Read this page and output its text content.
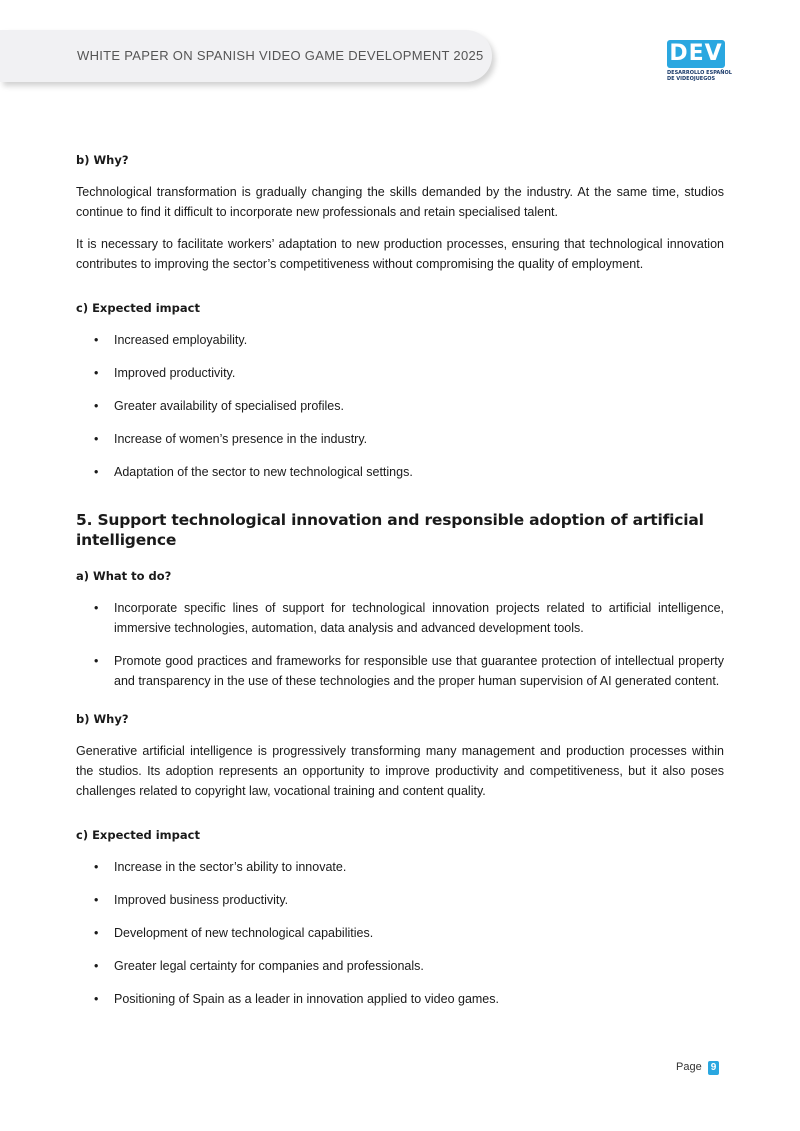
WHITE PAPER ON SPANISH VIDEO GAME DEVELOPMENT 2025	DEV
DESARROLLO ESPAÑOL
DE VIDEOJUEGOS
b) Why?

Technological transformation is gradually changing the skills demanded by the industry. At the same time, studios continue to find it difficult to incorporate new professionals and retain specialised talent.

It is necessary to facilitate workers’ adaptation to new production processes, ensuring that technological innovation contributes to improving the sector’s competitiveness without compromising the quality of employment.

c) Expected impact
• Increased employability.
• Improved productivity.
• Greater availability of specialised profiles.
• Increase of women’s presence in the industry.
• Adaptation of the sector to new technological settings.
5. Support technological innovation and responsible adoption of artificial intelligence
a) What to do?
• Incorporate specific lines of support for technological innovation projects related to artificial intelligence, immersive technologies, automation, data analysis and advanced development tools.
• Promote good practices and frameworks for responsible use that guarantee protection of intellectual property and transparency in the use of these technologies and the proper human supervision of AI generated content.
b) Why?

Generative artificial intelligence is progressively transforming many management and production processes within the studios. Its adoption represents an opportunity to improve productivity and competitiveness, but it also poses challenges related to copyright law, vocational training and content quality.

c) Expected impact
• Increase in the sector’s ability to innovate.
• Improved business productivity.
• Development of new technological capabilities.
• Greater legal certainty for companies and professionals.
• Positioning of Spain as a leader in innovation applied to video games.
Page 9
